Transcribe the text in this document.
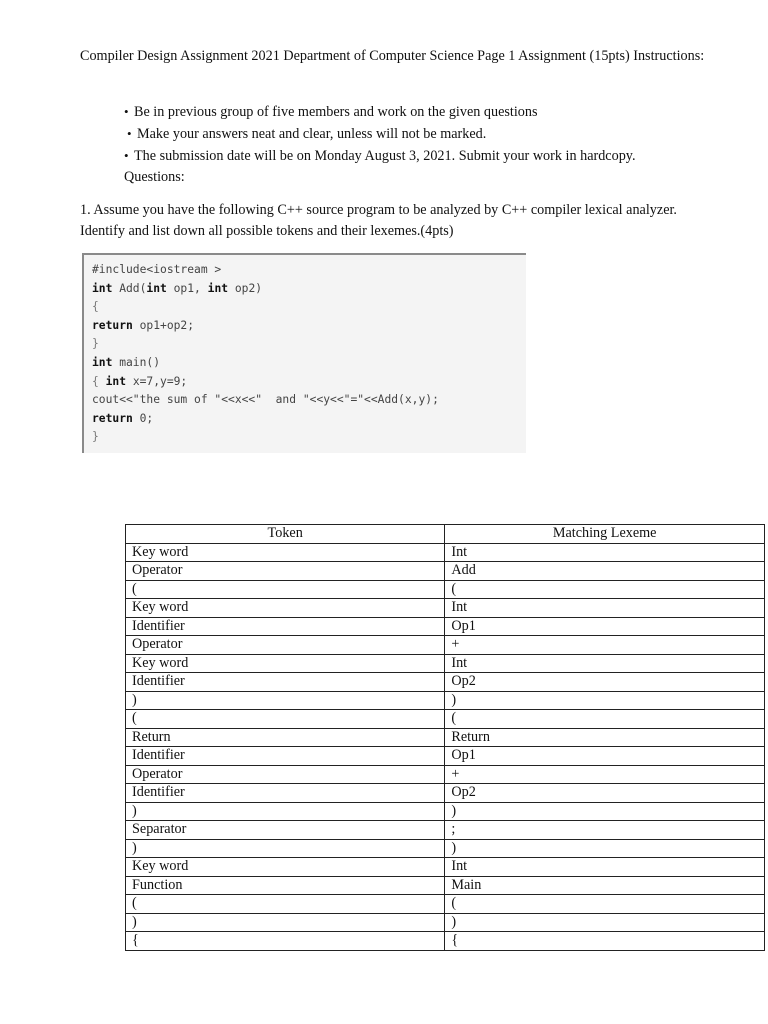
Compiler Design Assignment 2021 Department of Computer Science Page 1 Assignment (15pts) Instructions:
• Be in previous group of five members and work on the given questions
• Make your answers neat and clear, unless will not be marked.
• The submission date will be on Monday August 3, 2021. Submit your work in hardcopy.
Questions:
1. Assume you have the following C++ source program to be analyzed by C++ compiler lexical analyzer.
Identify and list down all possible tokens and their lexemes.(4pts)
#include<iostream >
int Add(int op1, int op2)
{
return op1+op2;
}
int main()
{ int x=7,y=9;
cout<<"the sum of "<<x<<"  and "<<y<<"="<<Add(x,y);
return 0;
}
Token	Matching Lexeme
Key word	Int
Operator	Add
(	(
Key word	Int
Identifier	Op1
Operator	+
Key word	Int
Identifier	Op2
)	)
(	(
Return	Return
Identifier	Op1
Operator	+
Identifier	Op2
)	)
Separator	;
)	)
Key word	Int
Function	Main
(	(
)	)
{	{
